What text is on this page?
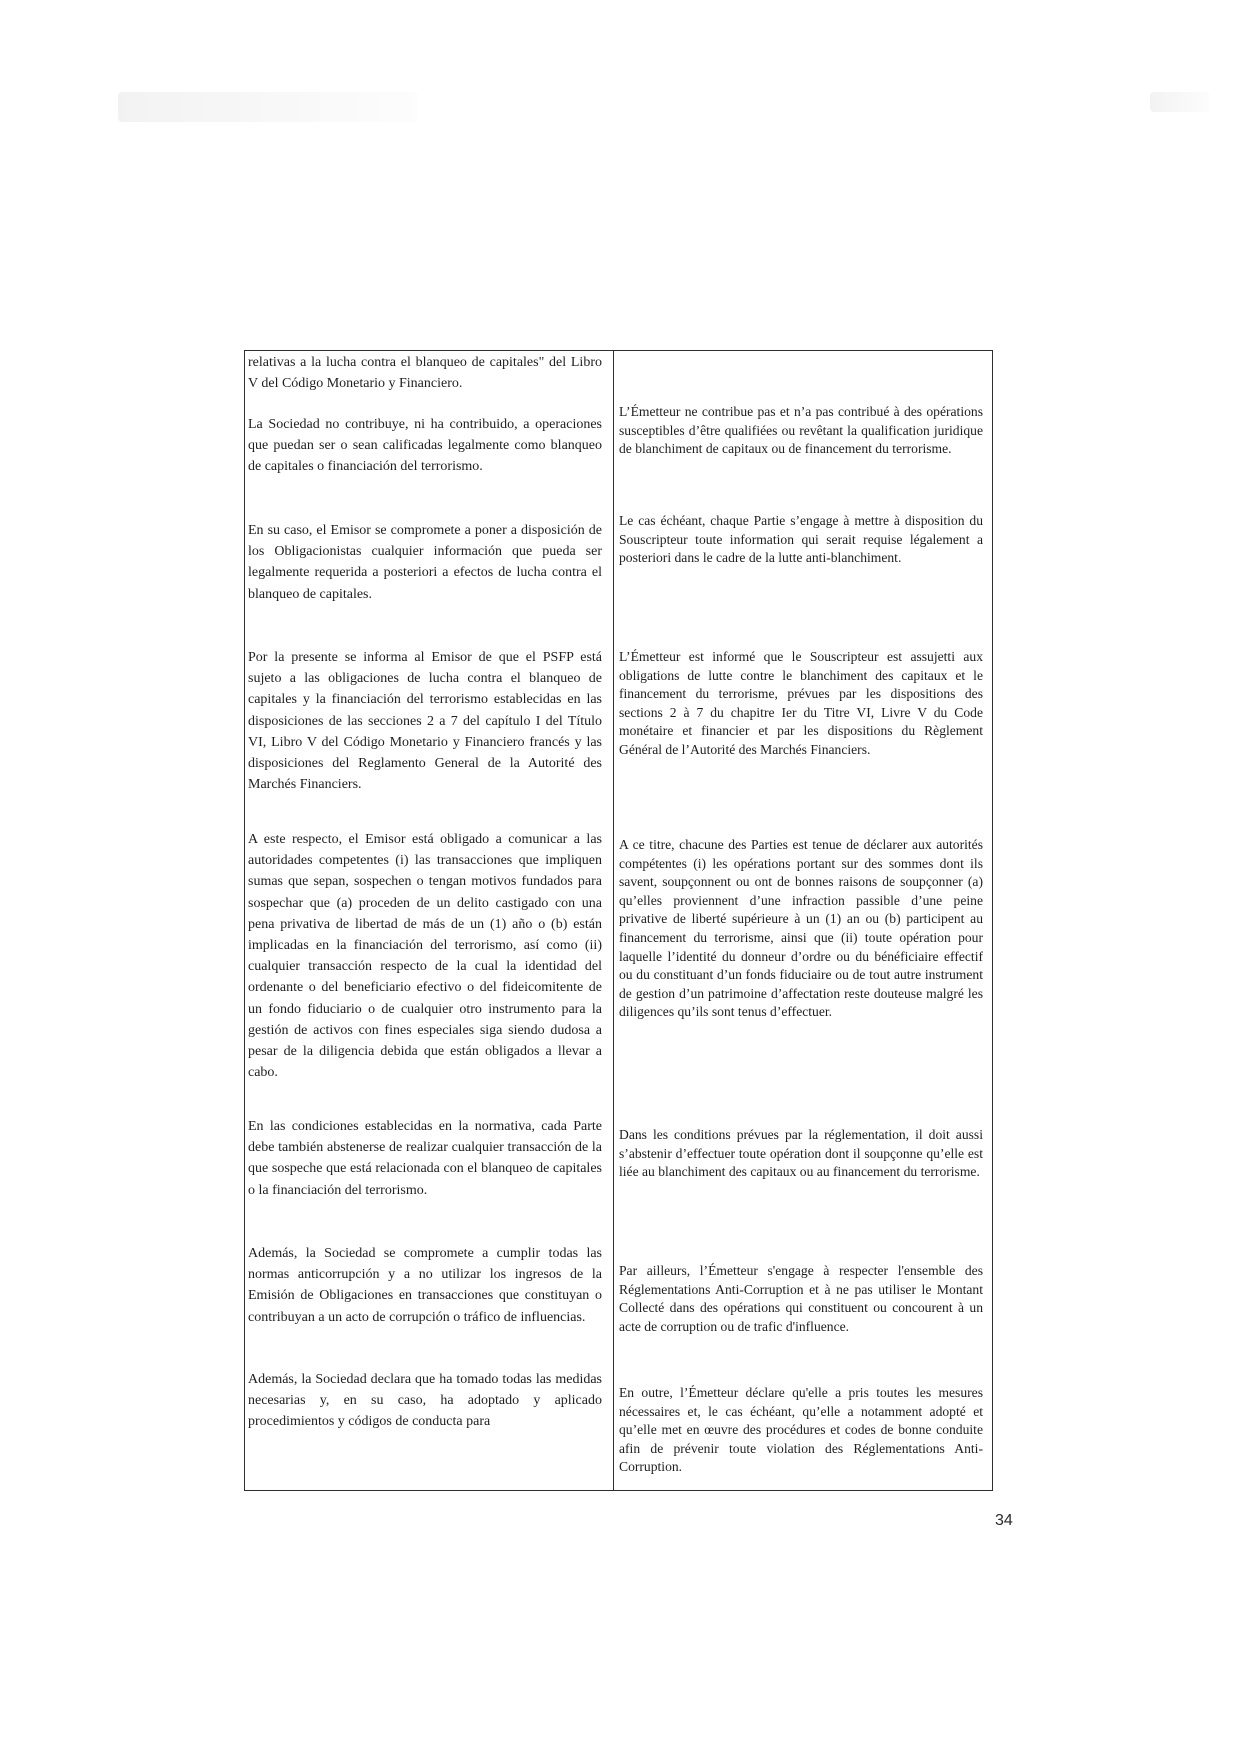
relativas a la lucha contra el blanqueo de capitales" del Libro V del Código Monetario y Financiero.

La Sociedad no contribuye, ni ha contribuido, a operaciones que puedan ser o sean calificadas legalmente como blanqueo de capitales o financiación del terrorismo.

En su caso, el Emisor se compromete a poner a disposición de los Obligacionistas cualquier información que pueda ser legalmente requerida a posteriori a efectos de lucha contra el blanqueo de capitales.

Por la presente se informa al Emisor de que el PSFP está sujeto a las obligaciones de lucha contra el blanqueo de capitales y la financiación del terrorismo establecidas en las disposiciones de las secciones 2 a 7 del capítulo I del Título VI, Libro V del Código Monetario y Financiero francés y las disposiciones del Reglamento General de la Autorité des Marchés Financiers.

A este respecto, el Emisor está obligado a comunicar a las autoridades competentes (i) las transacciones que impliquen sumas que sepan, sospechen o tengan motivos fundados para sospechar que (a) proceden de un delito castigado con una pena privativa de libertad de más de un (1) año o (b) están implicadas en la financiación del terrorismo, así como (ii) cualquier transacción respecto de la cual la identidad del ordenante o del beneficiario efectivo o del fideicomitente de un fondo fiduciario o de cualquier otro instrumento para la gestión de activos con fines especiales siga siendo dudosa a pesar de la diligencia debida que están obligados a llevar a cabo.

En las condiciones establecidas en la normativa, cada Parte debe también abstenerse de realizar cualquier transacción de la que sospeche que está relacionada con el blanqueo de capitales o la financiación del terrorismo.

Además, la Sociedad se compromete a cumplir todas las normas anticorrupción y a no utilizar los ingresos de la Emisión de Obligaciones en transacciones que constituyan o contribuyan a un acto de corrupción o tráfico de influencias.

Además, la Sociedad declara que ha tomado todas las medidas necesarias y, en su caso, ha adoptado y aplicado procedimientos y códigos de conducta para

L’Émetteur ne contribue pas et n’a pas contribué à des opérations susceptibles d’être qualifiées ou revêtant la qualification juridique de blanchiment de capitaux ou de financement du terrorisme.

Le cas échéant, chaque Partie s’engage à mettre à disposition du Souscripteur toute information qui serait requise légalement a posteriori dans le cadre de la lutte anti-blanchiment.

L’Émetteur est informé que le Souscripteur est assujetti aux obligations de lutte contre le blanchiment des capitaux et le financement du terrorisme, prévues par les dispositions des sections 2 à 7 du chapitre Ier du Titre VI, Livre V du Code monétaire et financier et par les dispositions du Règlement Général de l’Autorité des Marchés Financiers.

A ce titre, chacune des Parties est tenue de déclarer aux autorités compétentes (i) les opérations portant sur des sommes dont ils savent, soupçonnent ou ont de bonnes raisons de soupçonner (a) qu’elles proviennent d’une infraction passible d’une peine privative de liberté supérieure à un (1) an ou (b) participent au financement du terrorisme, ainsi que (ii) toute opération pour laquelle l’identité du donneur d’ordre ou du bénéficiaire effectif ou du constituant d’un fonds fiduciaire ou de tout autre instrument de gestion d’un patrimoine d’affectation reste douteuse malgré les diligences qu’ils sont tenus d’effectuer.

Dans les conditions prévues par la réglementation, il doit aussi s’abstenir d’effectuer toute opération dont il soupçonne qu’elle est liée au blanchiment des capitaux ou au financement du terrorisme.

Par ailleurs, l’Émetteur s'engage à respecter l'ensemble des Réglementations Anti-Corruption et à ne pas utiliser le Montant Collecté dans des opérations qui constituent ou concourent à un acte de corruption ou de trafic d'influence.

En outre, l’Émetteur déclare qu'elle a pris toutes les mesures nécessaires et, le cas échéant, qu’elle a notamment adopté et qu’elle met en œuvre des procédures et codes de bonne conduite afin de prévenir toute violation des Réglementations Anti-Corruption.

34
